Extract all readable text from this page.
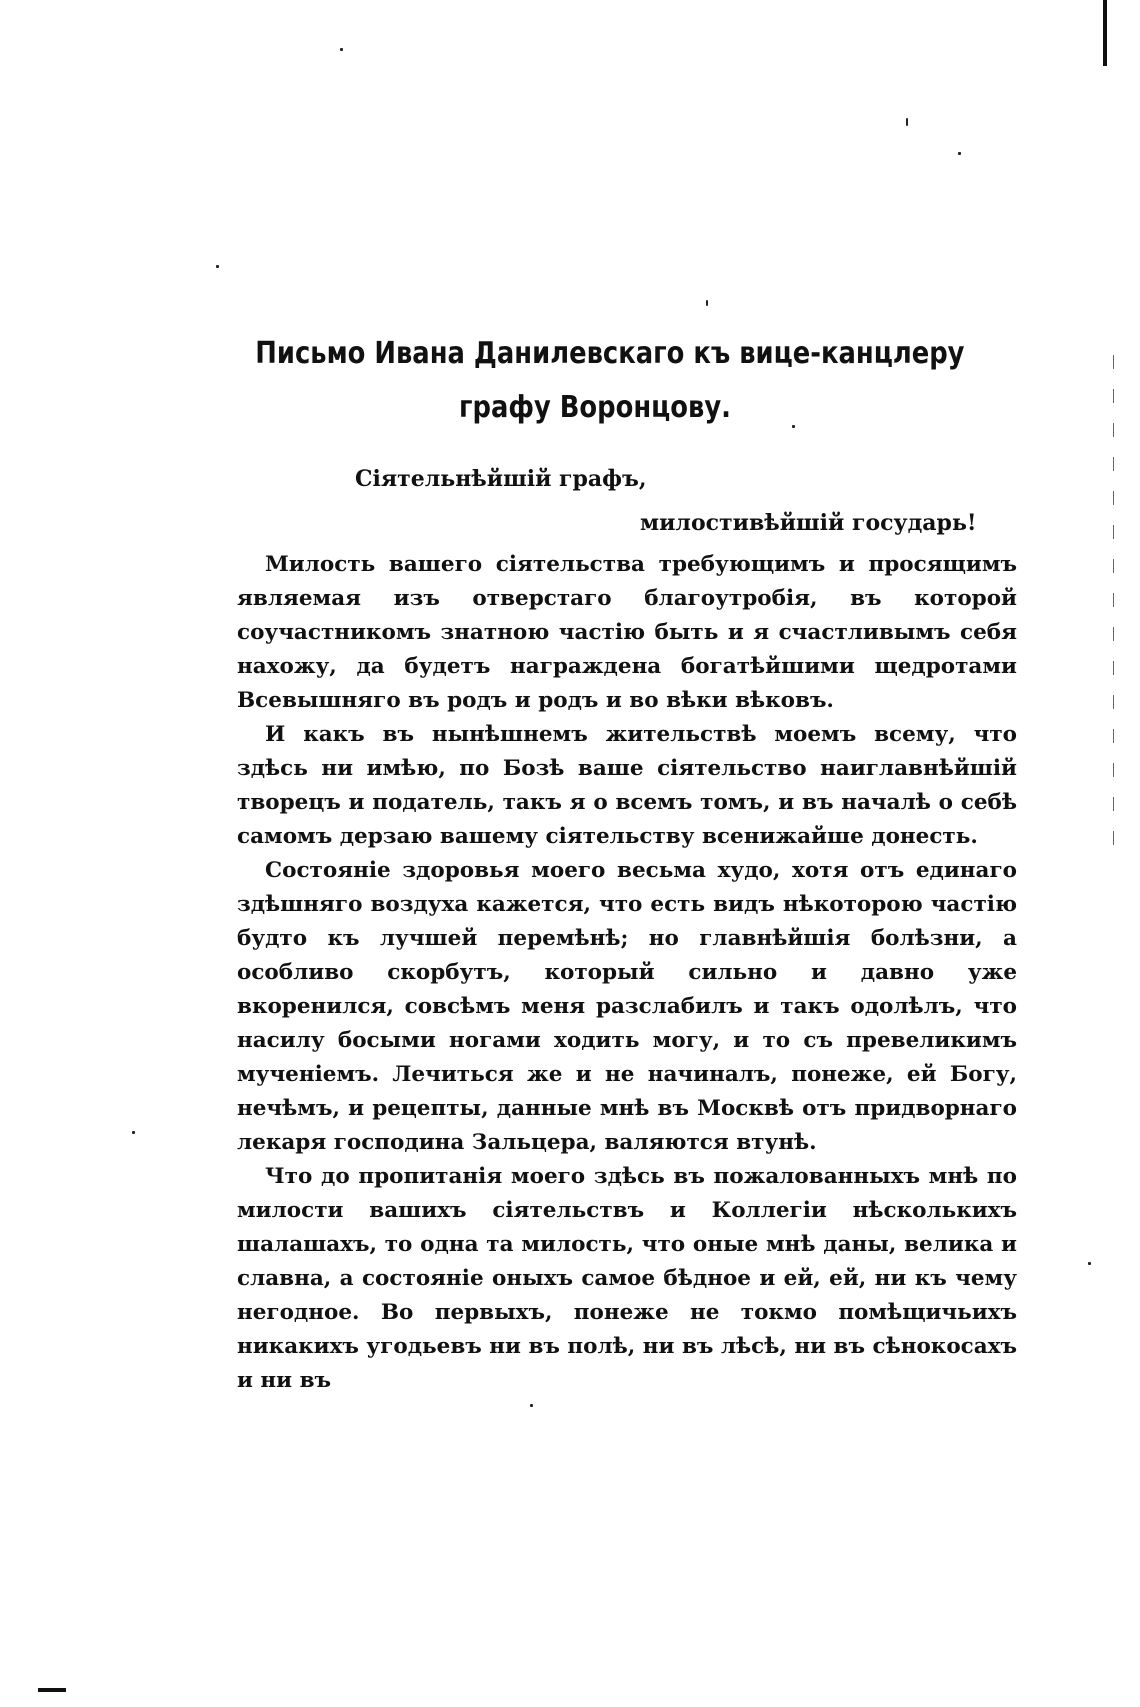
Письмо Ивана Данилевскаго къ вице-канцлеру
графу Воронцову.
Сіятельнѣйшій графъ,
милостивѣйшій государь!

Милость вашего сіятельства требующимъ и просящимъ являемая изъ отверстаго благоутробія, въ которой соучастникомъ знатною частію быть и я счастливымъ себя нахожу, да будетъ награждена богатѣйшими щедротами Всевышняго въ родъ и родъ и во вѣки вѣковъ.

И какъ въ нынѣшнемъ жительствѣ моемъ всему, что здѣсь ни имѣю, по Бозѣ ваше сіятельство наиглавнѣйшій творецъ и податель, такъ я о всемъ томъ, и въ началѣ о себѣ самомъ дерзаю вашему сіятельству всенижайше донесть.

Состояніе здоровья моего весьма худо, хотя отъ единаго здѣшняго воздуха кажется, что есть видъ нѣкоторою частію будто къ лучшей перемѣнѣ; но главнѣйшія болѣзни, а особливо скорбутъ, который сильно и давно уже вкоренился, совсѣмъ меня разслабилъ и такъ одолѣлъ, что насилу босыми ногами ходить могу, и то съ превеликимъ мученіемъ. Лечиться же и не начиналъ, понеже, ей Богу, нечѣмъ, и рецепты, данные мнѣ въ Москвѣ отъ придворнаго лекаря господина Зальцера, валяются втунѣ.

Что до пропитанія моего здѣсь въ пожалованныхъ мнѣ по милости вашихъ сіятельствъ и Коллегіи нѣсколькихъ шалашахъ, то одна та милость, что оные мнѣ даны, велика и славна, а состояніе оныхъ самое бѣдное и ей, ей, ни къ чему негодное. Во первыхъ, понеже не токмо помѣщичьихъ никакихъ угодьевъ ни въ полѣ, ни въ лѣсѣ, ни въ сѣнокосахъ и ни въ
